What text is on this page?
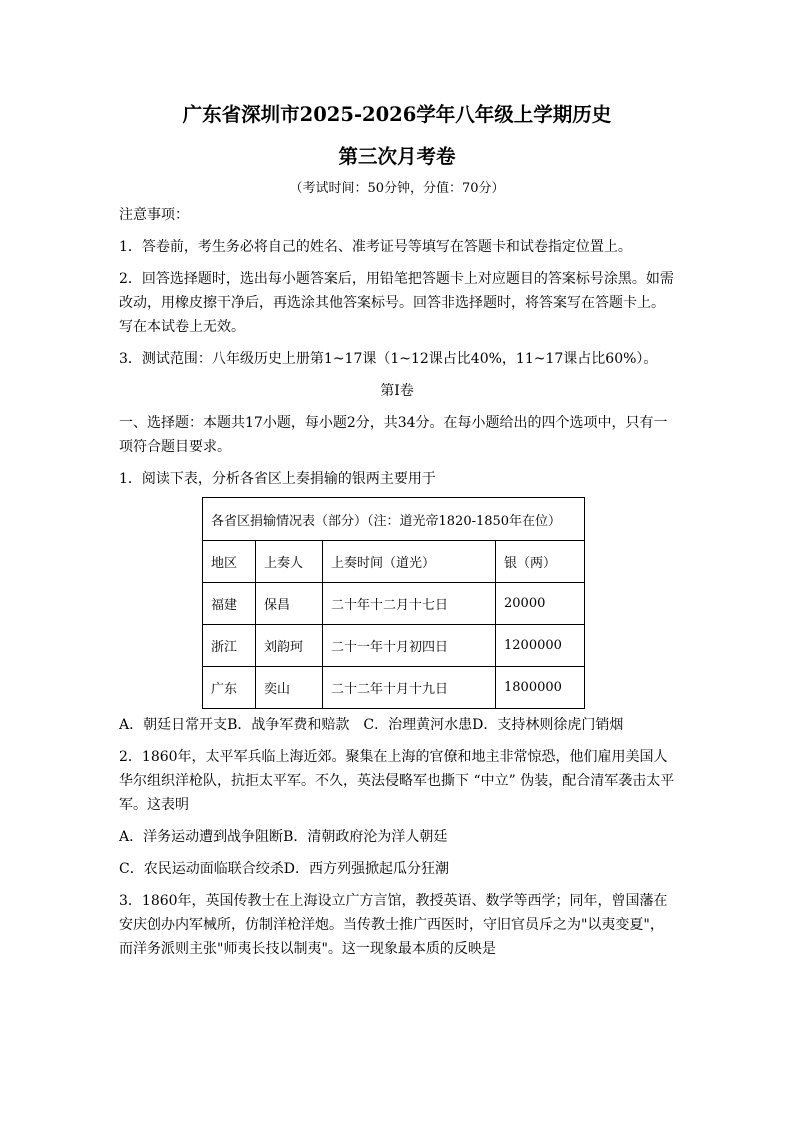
广东省深圳市2025-2026学年八年级上学期历史
第三次月考卷
（考试时间：50分钟，分值：70分）

注意事项：

1．答卷前，考生务必将自己的姓名、准考证号等填写在答题卡和试卷指定位置上。

2．回答选择题时，选出每小题答案后，用铅笔把答题卡上对应题目的答案标号涂黑。如需改动，用橡皮擦干净后，再选涂其他答案标号。回答非选择题时，将答案写在答题卡上。写在本试卷上无效。

3．测试范围：八年级历史上册第1~17课（1~12课占比40%，11~17课占比60%）。

第Ⅰ卷

一、选择题：本题共17小题，每小题2分，共34分。在每小题给出的四个选项中，只有一项符合题目要求。

1．阅读下表，分析各省区上奏捐输的银两主要用于

各省区捐输情况表（部分）（注：道光帝1820-1850年在位）			
地区	上奏人	上奏时间（道光）	银（两）
福建	保昌	二十年十二月十七日	20000
浙江	刘韵珂	二十一年十月初四日	1200000
广东	奕山	二十二年十月十九日	1800000
A．朝廷日常开支B．战争军费和赔款 C．治理黄河水患D．支持林则徐虎门销烟

2．1860年，太平军兵临上海近郊。聚集在上海的官僚和地主非常惊恐，他们雇用美国人华尔组织洋枪队，抗拒太平军。不久，英法侵略军也撕下 “中立” 伪装，配合清军袭击太平军。这表明

A．洋务运动遭到战争阻断B．清朝政府沦为洋人朝廷
C．农民运动面临联合绞杀D．西方列强掀起瓜分狂潮

3．1860年，英国传教士在上海设立广方言馆，教授英语、数学等西学；同年，曾国藩在安庆创办内军械所，仿制洋枪洋炮。当传教士推广西医时，守旧官员斥之为"以夷变夏"，而洋务派则主张"师夷长技以制夷"。这一现象最本质的反映是
